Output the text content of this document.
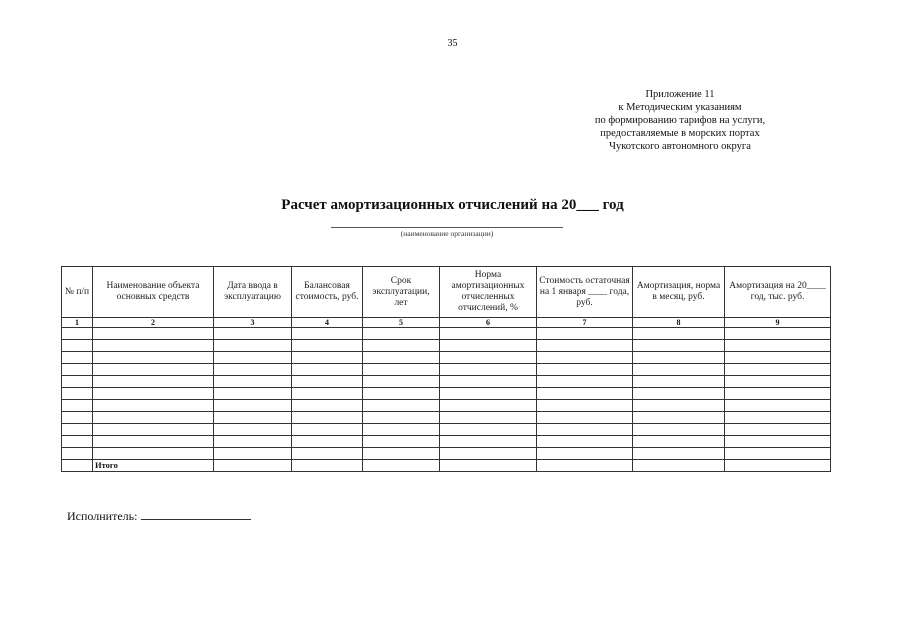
35
Приложение 11
к Методическим указаниям
по формированию тарифов на услуги,
предоставляемые в морских портах
Чукотского автономного округа
Расчет амортизационных отчислений на 20___ год
(наименование организации)
№ п/п	Наименование объекта основных средств	Дата ввода в эксплуатацию	Балансовая стоимость, руб.	Срок эксплуатации, лет	Норма амортизационных отчисленных отчислений, %	Стоимость остаточная на 1 января ____ года, руб.	Амортизация, норма в месяц, руб.	Амортизация на 20____ год, тыс. руб.
1	2	3	4	5	6	7	8	9

	Итого							
Исполнитель:
